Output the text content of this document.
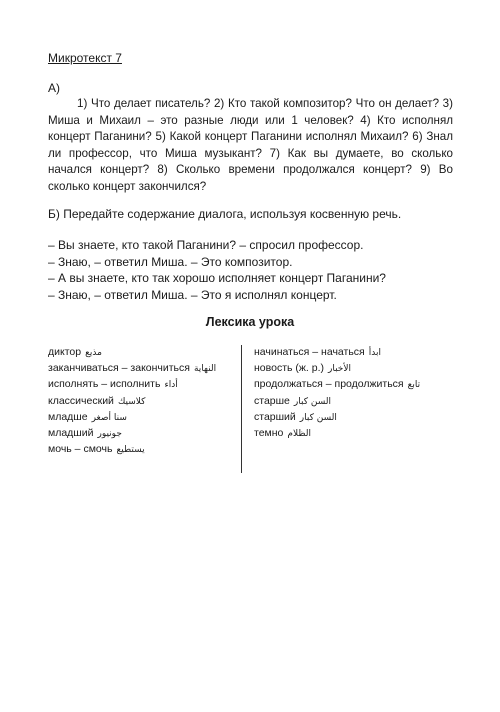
Микротекст 7
А)
1) Что делает писатель? 2) Кто такой композитор? Что он делает? 3) Миша и Михаил – это разные люди или 1 человек? 4) Кто исполнял концерт Паганини? 5) Какой концерт Паганини исполнял Михаил? 6) Знал ли профессор, что Миша музыкант? 7) Как вы думаете, во сколько начался концерт? 8) Сколько времени продолжался концерт? 9) Во сколько концерт закончился?
Б) Передайте содержание диалога, используя косвенную речь.
– Вы знаете, кто такой Паганини? – спросил профессор.
– Знаю, – ответил Миша. – Это композитор.
– А вы знаете, кто так хорошо исполняет концерт Паганини?
– Знаю, – ответил Миша. – Это я исполнял концерт.
Лексика урока
диктор مذيع
заканчиваться – закончиться النهاية
исполнять – исполнить أداء
классический كلاسيك
младше سنا أصغر
младший جونيور
мочь – смочь يستطيع
начинаться – начаться ابدأ
новость (ж. р.) الأخبار
продолжаться – продолжиться تابع
старше السن كبار
старший السن كبار
темно الظلام
